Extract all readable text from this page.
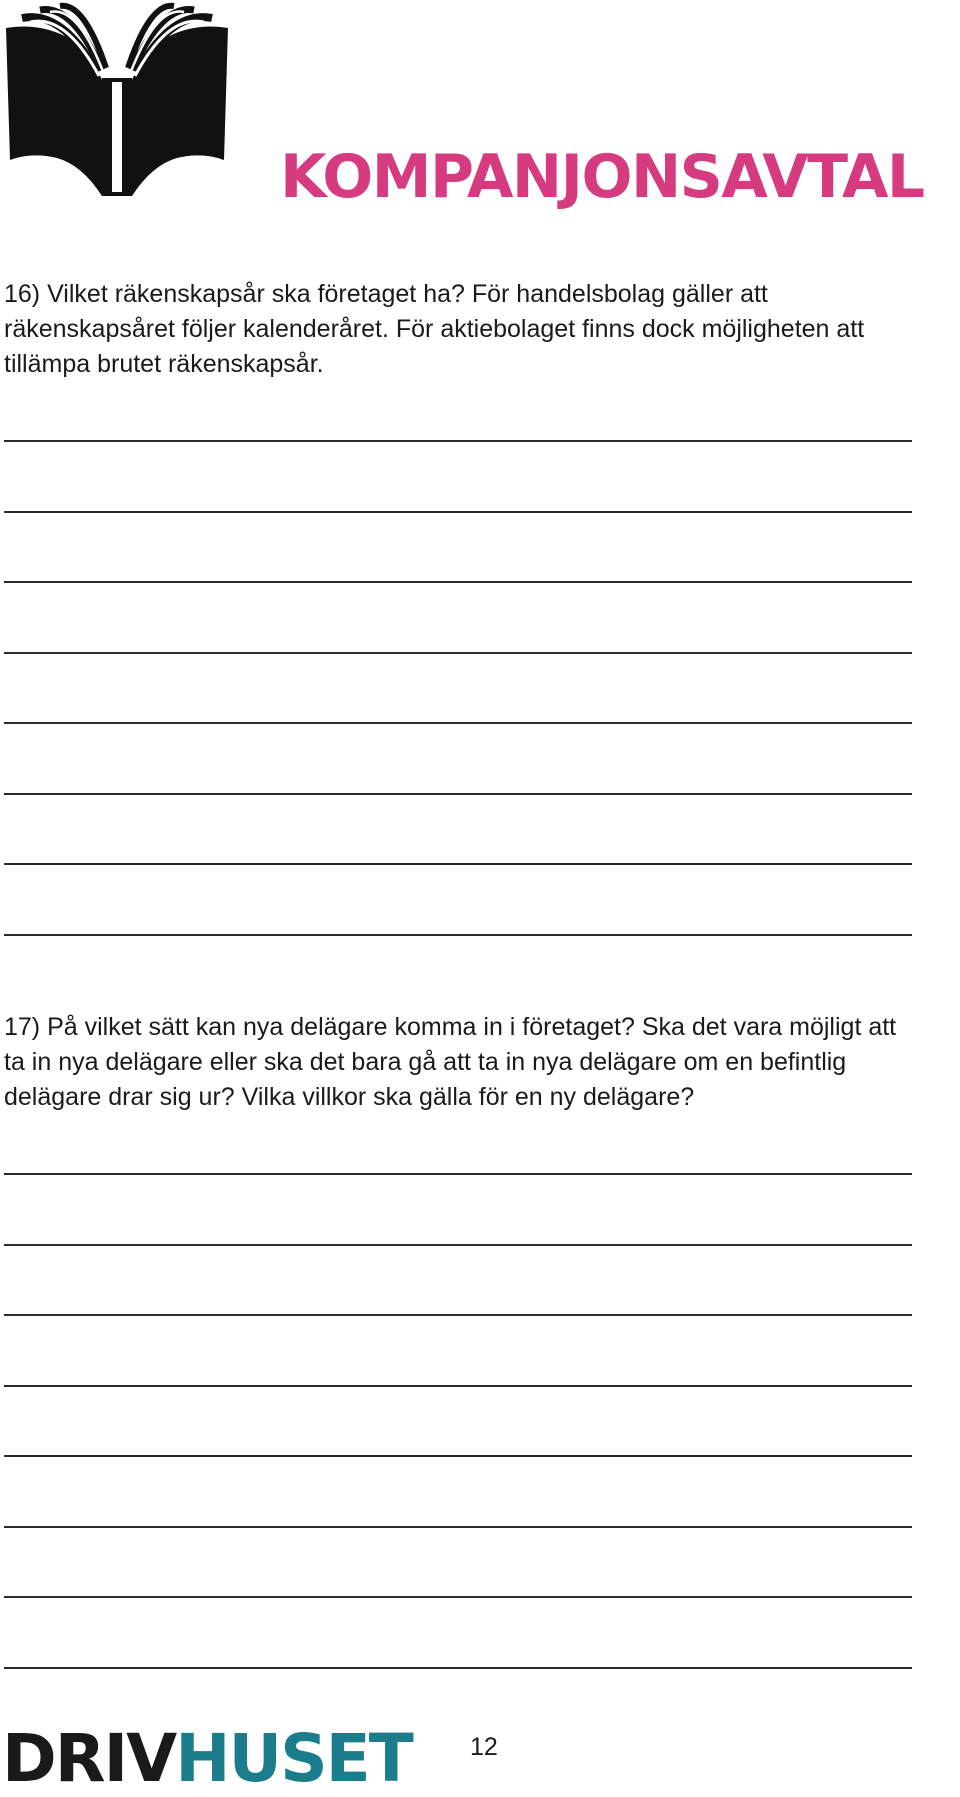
KOMPANJONSAVTAL
16) Vilket räkenskapsår ska företaget ha? För handelsbolag gäller att
räkenskapsåret följer kalenderåret. För aktiebolaget finns dock möjligheten att
tillämpa brutet räkenskapsår.
17) På vilket sätt kan nya delägare komma in i företaget? Ska det vara möjligt att
ta in nya delägare eller ska det bara gå att ta in nya delägare om en befintlig
delägare drar sig ur? Vilka villkor ska gälla för en ny delägare?
DRIVHUSET 12
